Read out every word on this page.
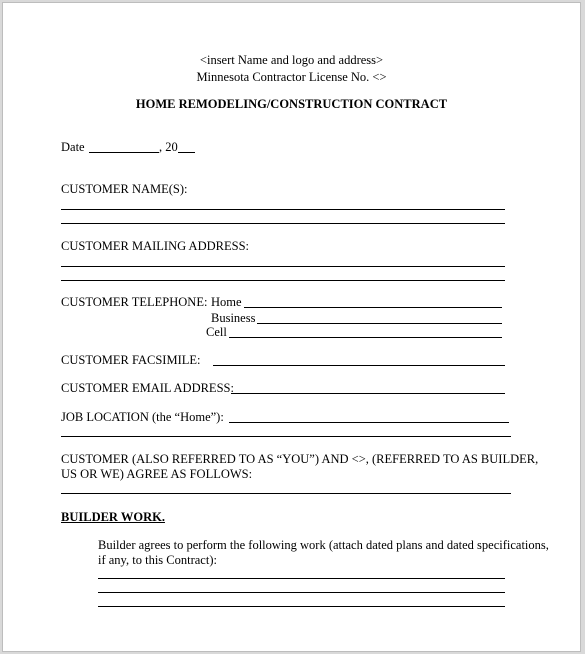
<insert Name and logo and address>
Minnesota Contractor License No. <>
HOME REMODELING/CONSTRUCTION CONTRACT
Date	, 20
CUSTOMER NAME(S):
CUSTOMER MAILING ADDRESS:
CUSTOMER TELEPHONE: Home
Business
Cell
CUSTOMER FACSIMILE:
CUSTOMER EMAIL ADDRESS:
JOB LOCATION (the “Home”):
CUSTOMER (ALSO REFERRED TO AS “YOU”) AND <>, (REFERRED TO AS BUILDER,
US OR WE) AGREE AS FOLLOWS:
BUILDER WORK.
Builder agrees to perform the following work (attach dated plans and dated specifications,
if any, to this Contract):
